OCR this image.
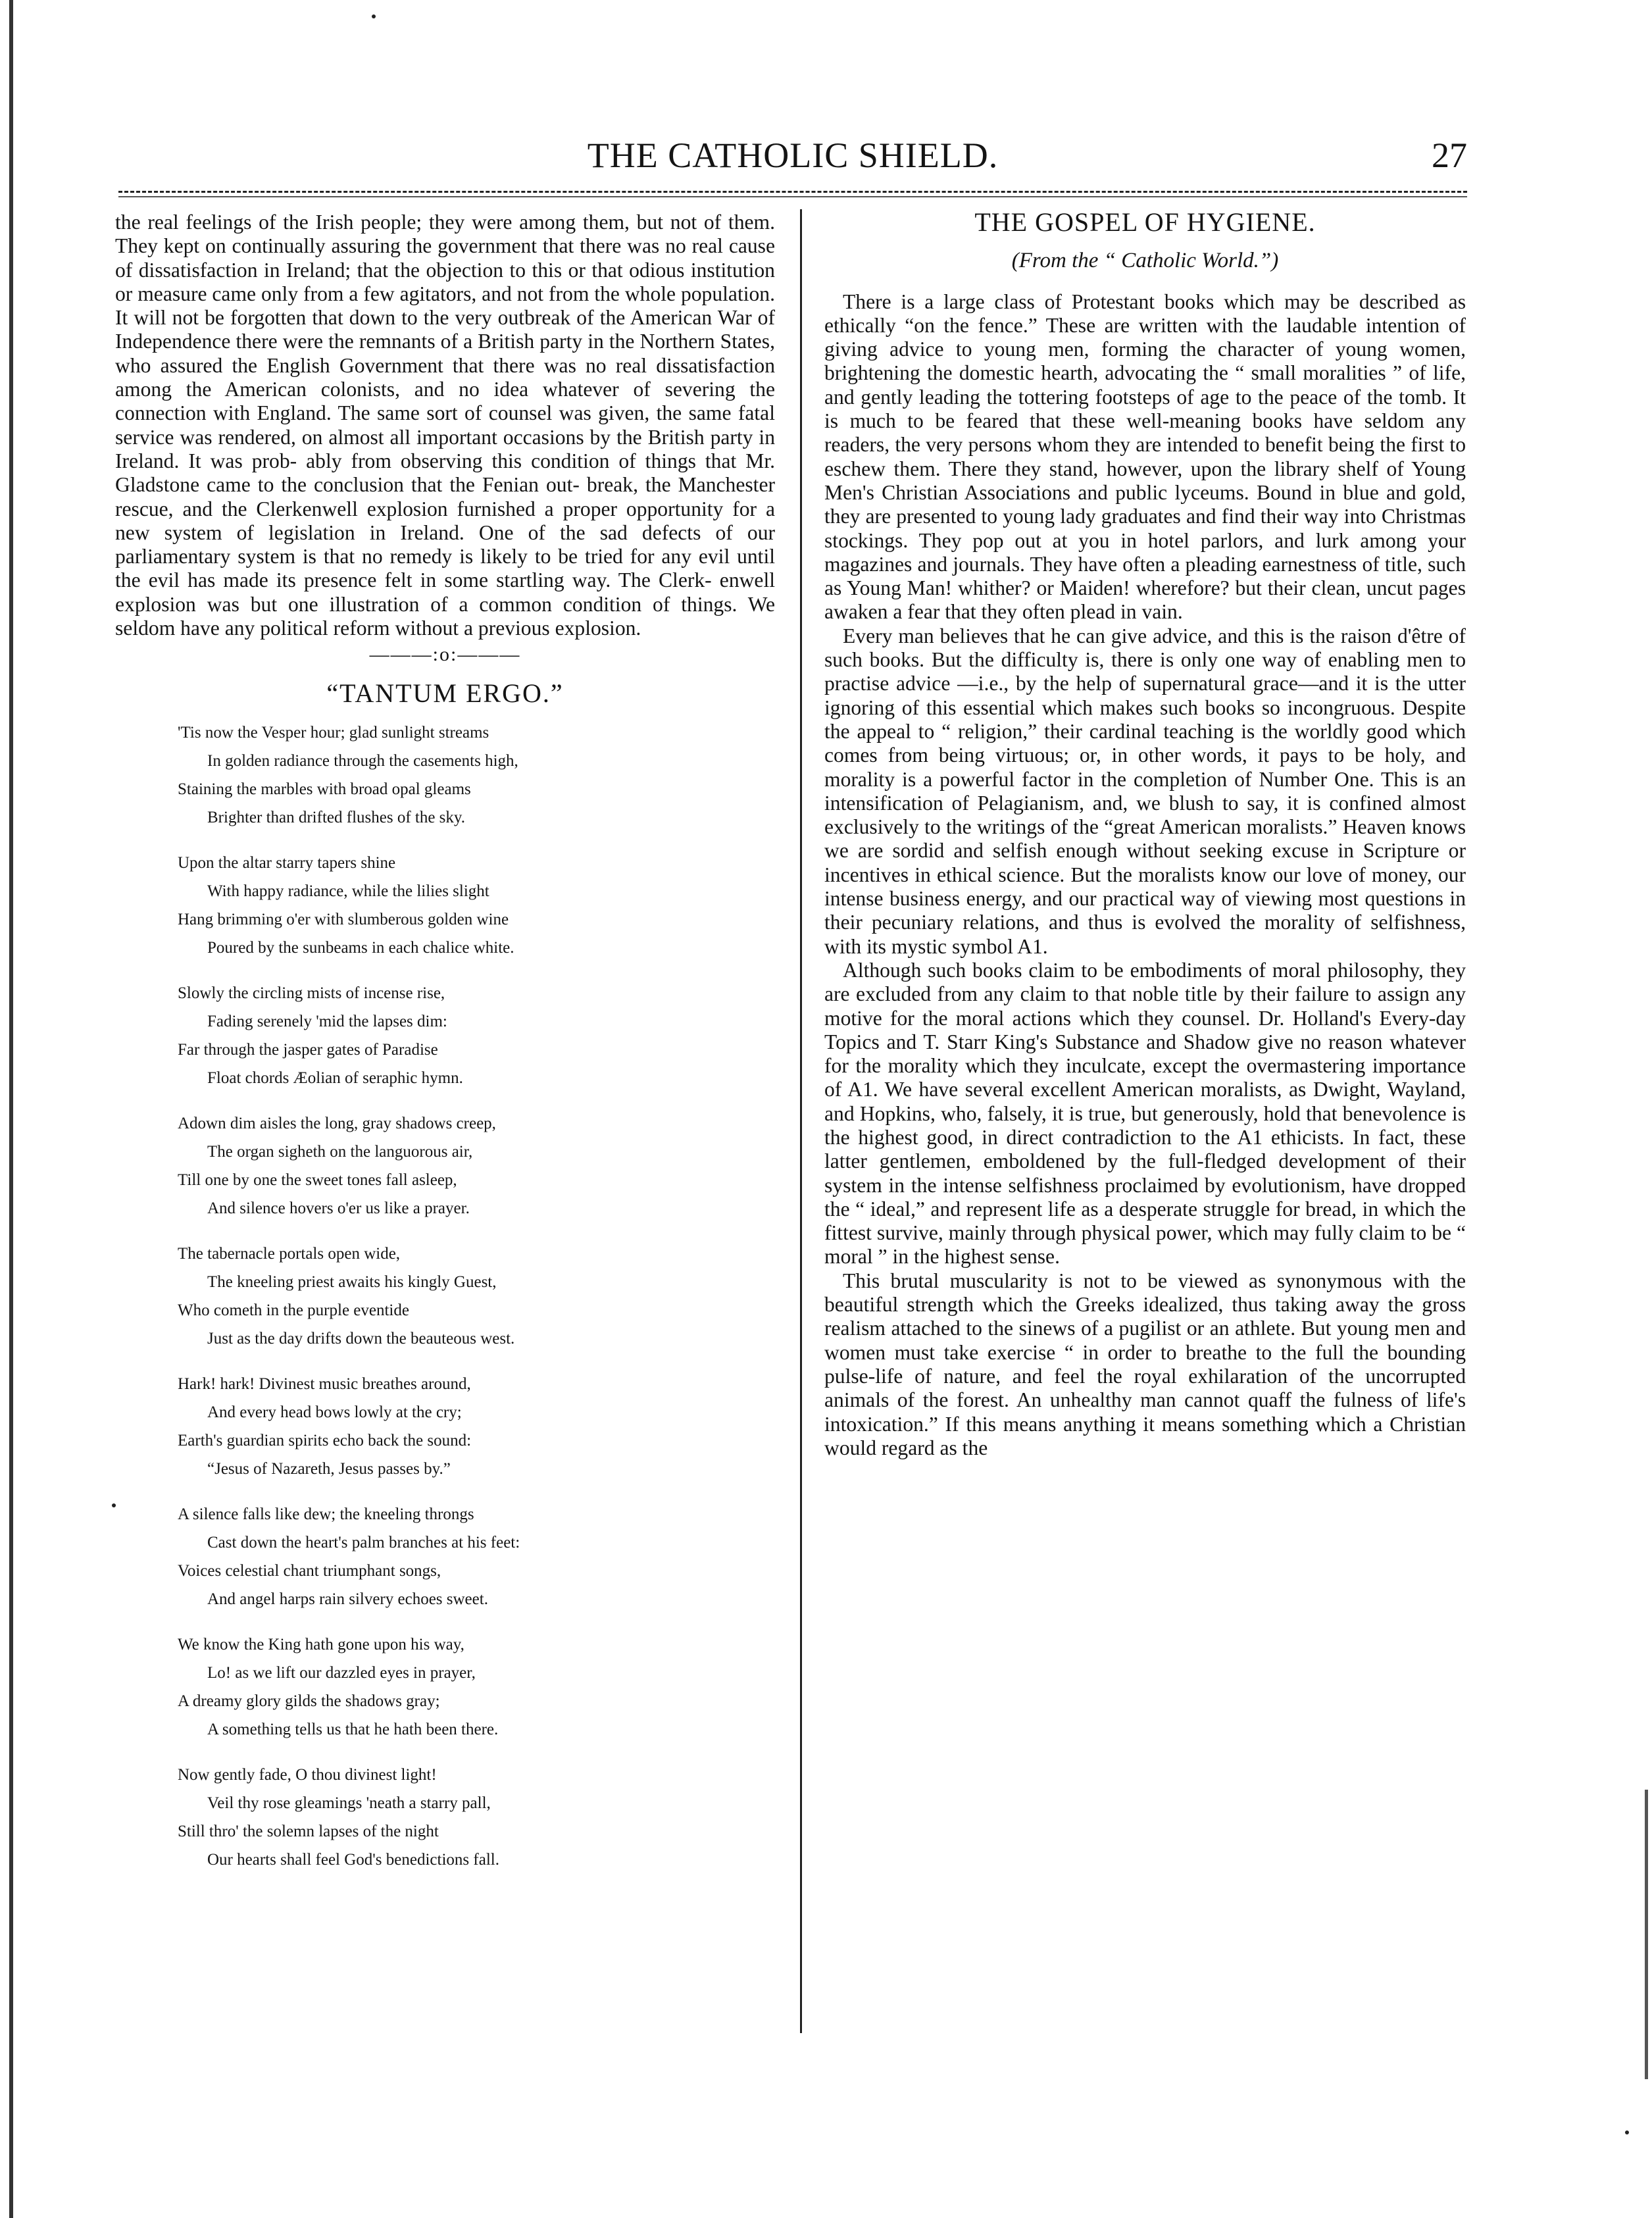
THE CATHOLIC SHIELD.	27

the real feelings of the Irish people; they were among them, but not of them. They kept on continually assuring the government that there was no real cause of dissatisfaction in Ireland; that the objection to this or that odious institution or measure came only from a few agitators, and not from the whole population. It will not be forgotten that down to the very outbreak of the American War of Independence there were the remnants of a British party in the Northern States, who assured the English Government that there was no real dissatisfaction among the American colonists, and no idea whatever of severing the connection with England. The same sort of counsel was given, the same fatal service was rendered, on almost all important occasions by the British party in Ireland. It was prob- ably from observing this condition of things that Mr. Gladstone came to the conclusion that the Fenian out- break, the Manchester rescue, and the Clerkenwell explosion furnished a proper opportunity for a new system of legislation in Ireland. One of the sad defects of our parliamentary system is that no remedy is likely to be tried for any evil until the evil has made its presence felt in some startling way. The Clerk- enwell explosion was but one illustration of a common condition of things. We seldom have any political reform without a previous explosion.

———:o:———
“TANTUM ERGO.”
'Tis now the Vesper hour; glad sunlight streams
In golden radiance through the casements high,
Staining the marbles with broad opal gleams
Brighter than drifted flushes of the sky.
Upon the altar starry tapers shine
With happy radiance, while the lilies slight
Hang brimming o'er with slumberous golden wine
Poured by the sunbeams in each chalice white.
Slowly the circling mists of incense rise,
Fading serenely 'mid the lapses dim:
Far through the jasper gates of Paradise
Float chords Æolian of seraphic hymn.
Adown dim aisles the long, gray shadows creep,
The organ sigheth on the languorous air,
Till one by one the sweet tones fall asleep,
And silence hovers o'er us like a prayer.
The tabernacle portals open wide,
The kneeling priest awaits his kingly Guest,
Who cometh in the purple eventide
Just as the day drifts down the beauteous west.
Hark! hark! Divinest music breathes around,
And every head bows lowly at the cry;
Earth's guardian spirits echo back the sound:
“Jesus of Nazareth, Jesus passes by.”
A silence falls like dew; the kneeling throngs
Cast down the heart's palm branches at his feet:
Voices celestial chant triumphant songs,
And angel harps rain silvery echoes sweet.
We know the King hath gone upon his way,
Lo! as we lift our dazzled eyes in prayer,
A dreamy glory gilds the shadows gray;
A something tells us that he hath been there.
Now gently fade, O thou divinest light!
Veil thy rose gleamings 'neath a starry pall,
Still thro' the solemn lapses of the night
Our hearts shall feel God's benedictions fall.
THE GOSPEL OF HYGIENE.
(From the “ Catholic World.”)

There is a large class of Protestant books which may be described as ethically “on the fence.” These are written with the laudable intention of giving advice to young men, forming the character of young women, brightening the domestic hearth, advocating the “ small moralities ” of life, and gently leading the tottering footsteps of age to the peace of the tomb. It is much to be feared that these well-meaning books have seldom any readers, the very persons whom they are intended to benefit being the first to eschew them. There they stand, however, upon the library shelf of Young Men's Christian Associations and public lyceums. Bound in blue and gold, they are presented to young lady graduates and find their way into Christmas stockings. They pop out at you in hotel parlors, and lurk among your magazines and journals. They have often a pleading earnestness of title, such as Young Man! whither? or Maiden! wherefore? but their clean, uncut pages awaken a fear that they often plead in vain.

Every man believes that he can give advice, and this is the raison d'être of such books. But the difficulty is, there is only one way of enabling men to practise advice —i.e., by the help of supernatural grace—and it is the utter ignoring of this essential which makes such books so incongruous. Despite the appeal to “ religion,” their cardinal teaching is the worldly good which comes from being virtuous; or, in other words, it pays to be holy, and morality is a powerful factor in the completion of Number One. This is an intensification of Pelagianism, and, we blush to say, it is confined almost exclusively to the writings of the “great American moralists.” Heaven knows we are sordid and selfish enough without seeking excuse in Scripture or incentives in ethical science. But the moralists know our love of money, our intense business energy, and our practical way of viewing most questions in their pecuniary relations, and thus is evolved the morality of selfishness, with its mystic symbol A1.

Although such books claim to be embodiments of moral philosophy, they are excluded from any claim to that noble title by their failure to assign any motive for the moral actions which they counsel. Dr. Holland's Every-day Topics and T. Starr King's Substance and Shadow give no reason whatever for the morality which they inculcate, except the overmastering importance of A1. We have several excellent American moralists, as Dwight, Wayland, and Hopkins, who, falsely, it is true, but generously, hold that benevolence is the highest good, in direct contradiction to the A1 ethicists. In fact, these latter gentlemen, emboldened by the full-fledged development of their system in the intense selfishness proclaimed by evolutionism, have dropped the “ ideal,” and represent life as a desperate struggle for bread, in which the fittest survive, mainly through physical power, which may fully claim to be “ moral ” in the highest sense.

This brutal muscularity is not to be viewed as synonymous with the beautiful strength which the Greeks idealized, thus taking away the gross realism attached to the sinews of a pugilist or an athlete. But young men and women must take exercise “ in order to breathe to the full the bounding pulse-life of nature, and feel the royal exhilaration of the uncorrupted animals of the forest. An unhealthy man cannot quaff the fulness of life's intoxication.” If this means anything it means something which a Christian would regard as the
